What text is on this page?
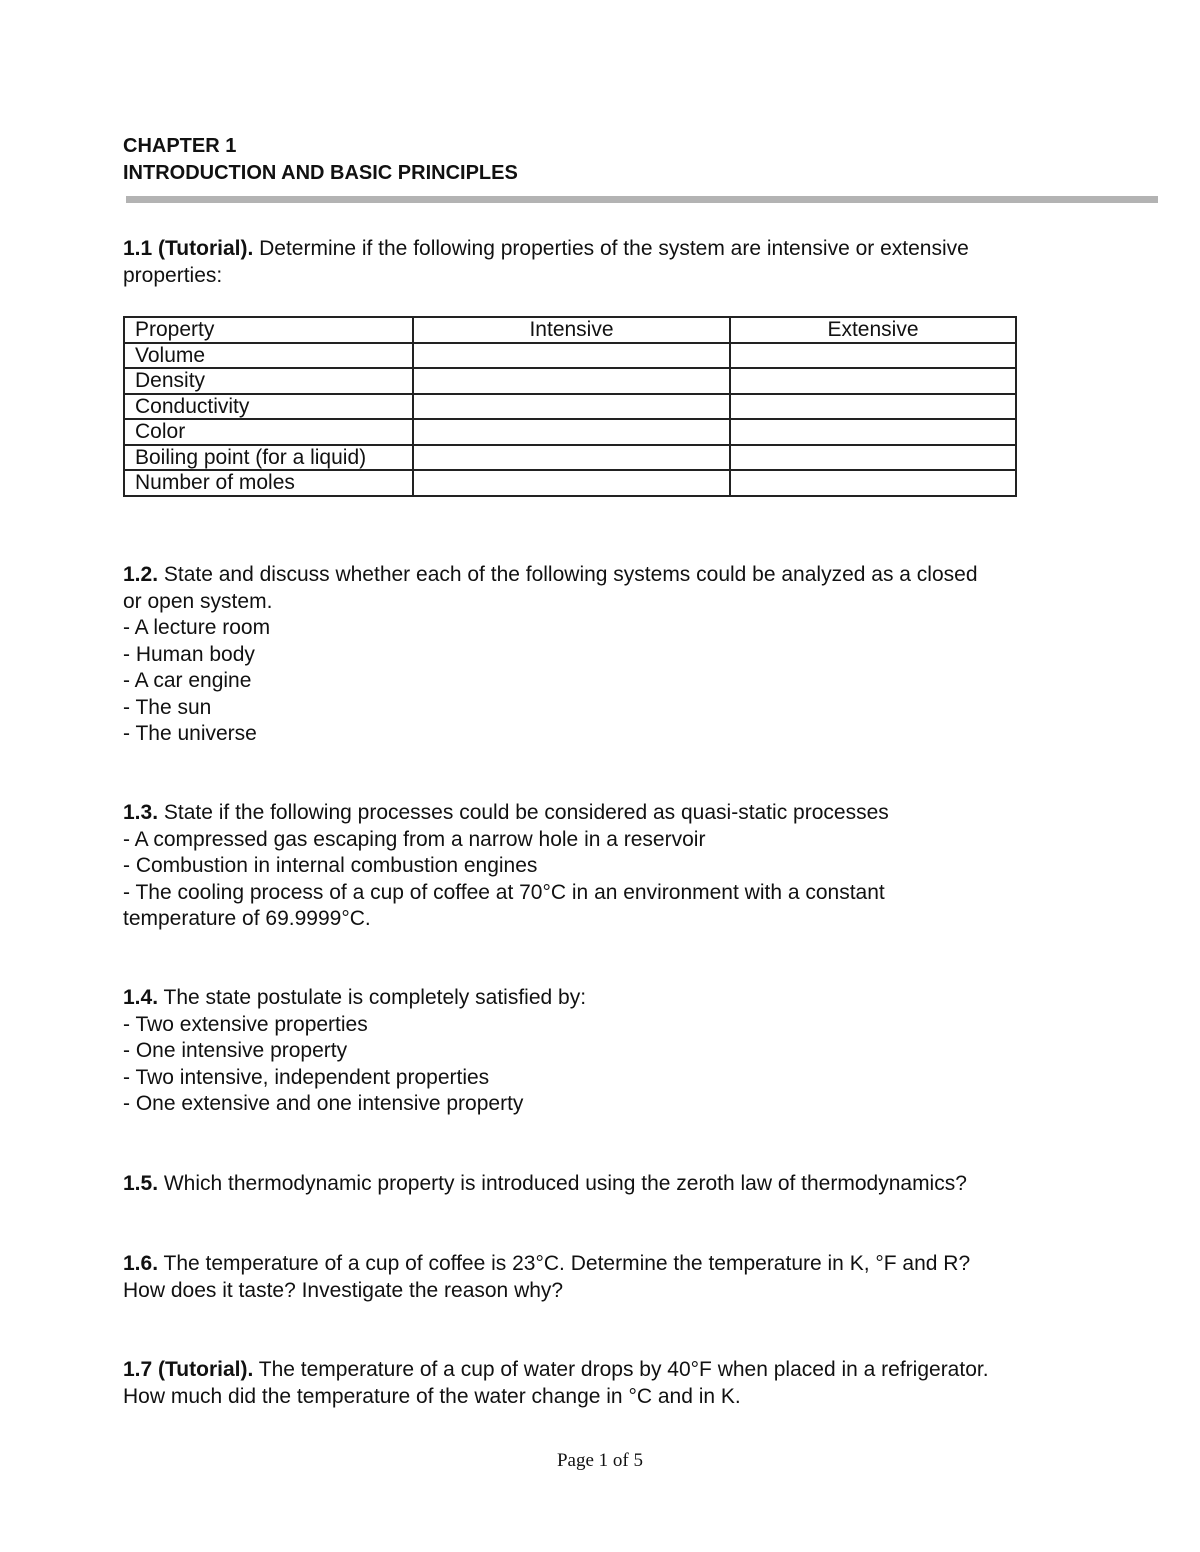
CHAPTER 1
INTRODUCTION AND BASIC PRINCIPLES
1.1 (Tutorial). Determine if the following properties of the system are intensive or extensive
properties:
Property	Intensive	Extensive
Volume		
Density		
Conductivity		
Color		
Boiling point (for a liquid)		
Number of moles		
1.2. State and discuss whether each of the following systems could be analyzed as a closed
or open system.
- A lecture room
- Human body
- A car engine
- The sun
- The universe
1.3. State if the following processes could be considered as quasi-static processes
- A compressed gas escaping from a narrow hole in a reservoir
- Combustion in internal combustion engines
- The cooling process of a cup of coffee at 70°C in an environment with a constant
temperature of 69.9999°C.
1.4. The state postulate is completely satisfied by:
- Two extensive properties
- One intensive property
- Two intensive, independent properties
- One extensive and one intensive property
1.5. Which thermodynamic property is introduced using the zeroth law of thermodynamics?
1.6. The temperature of a cup of coffee is 23°C. Determine the temperature in K, °F and R?
How does it taste? Investigate the reason why?
1.7 (Tutorial). The temperature of a cup of water drops by 40°F when placed in a refrigerator.
How much did the temperature of the water change in °C and in K.
Page 1 of 5
